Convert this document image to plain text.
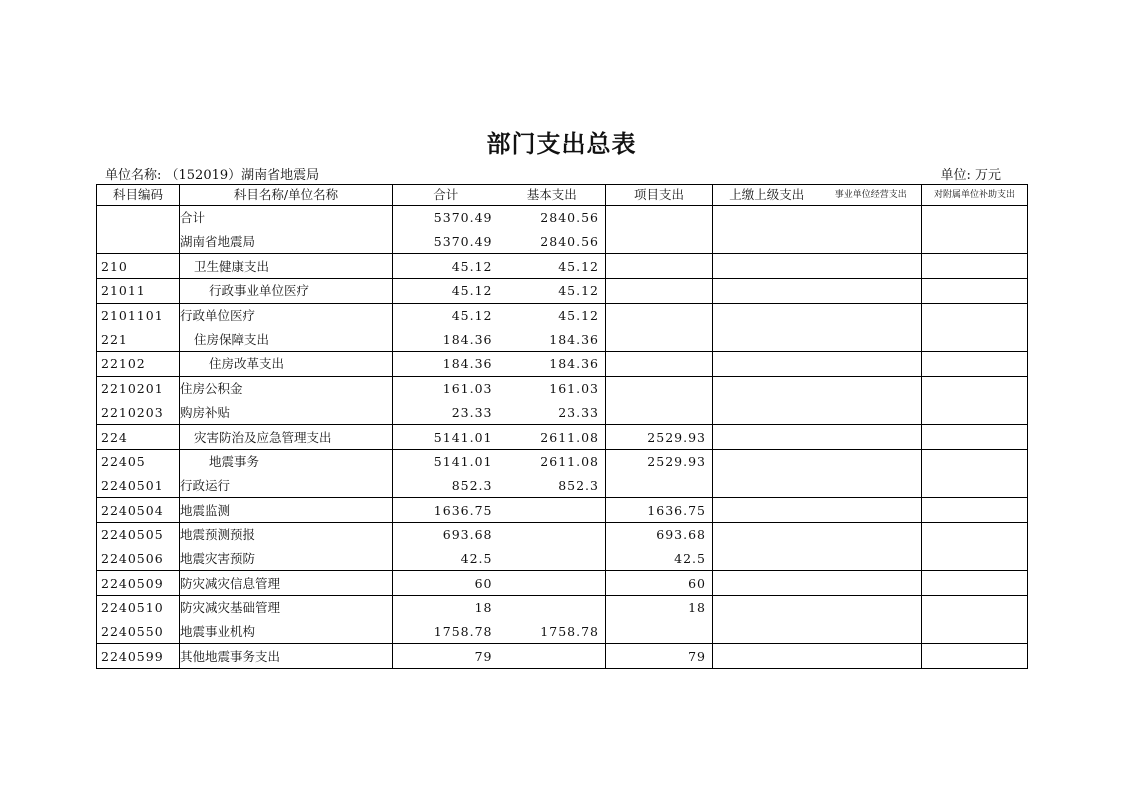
部门支出总表
单位名称: （152019）湖南省地震局	单位: 万元
科目编码	科目名称/单位名称	合计	基本支出	项目支出	上缴上级支出	事业单位经营支出	对附属单位补助支出
	合计	5370.49	2840.56				
	湖南省地震局	5370.49	2840.56				
210	卫生健康支出	45.12	45.12				
21011	行政事业单位医疗	45.12	45.12				
2101101	行政单位医疗	45.12	45.12				
221	住房保障支出	184.36	184.36				
22102	住房改革支出	184.36	184.36				
2210201	住房公积金	161.03	161.03				
2210203	购房补贴	23.33	23.33				
224	灾害防治及应急管理支出	5141.01	2611.08	2529.93			
22405	地震事务	5141.01	2611.08	2529.93			
2240501	行政运行	852.3	852.3				
2240504	地震监测	1636.75		1636.75			
2240505	地震预测预报	693.68		693.68			
2240506	地震灾害预防	42.5		42.5			
2240509	防灾减灾信息管理	60		60			
2240510	防灾减灾基础管理	18		18			
2240550	地震事业机构	1758.78	1758.78				
2240599	其他地震事务支出	79		79			
